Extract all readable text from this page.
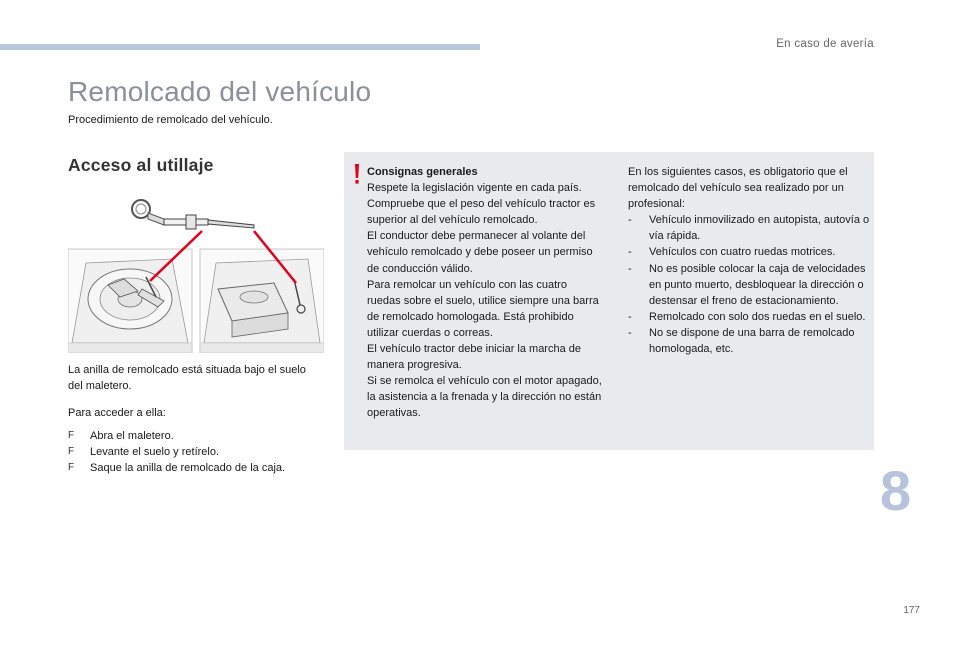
En caso de avería
Remolcado del vehículo

Procedimiento de remolcado del vehículo.

Acceso al utillaje

La anilla de remolcado está situada bajo el suelo del maletero.

Para acceder a ella:

F Abra el maletero.
F Levante el suelo y retírelo.
F Saque la anilla de remolcado de la caja.
Consignas generales
Respete la legislación vigente en cada país.
Compruebe que el peso del vehículo tractor es superior al del vehículo remolcado.
El conductor debe permanecer al volante del vehículo remolcado y debe poseer un permiso de conducción válido.
Para remolcar un vehículo con las cuatro ruedas sobre el suelo, utilice siempre una barra de remolcado homologada. Está prohibido utilizar cuerdas o correas.
El vehículo tractor debe iniciar la marcha de manera progresiva.
Si se remolca el vehículo con el motor apagado, la asistencia a la frenada y la dirección no están operativas.
En los siguientes casos, es obligatorio que el remolcado del vehículo sea realizado por un profesional:
- Vehículo inmovilizado en autopista, autovía o vía rápida.
- Vehículos con cuatro ruedas motrices.
- No es posible colocar la caja de velocidades en punto muerto, desbloquear la dirección o destensar el freno de estacionamiento.
- Remolcado con solo dos ruedas en el suelo.
- No se dispone de una barra de remolcado homologada, etc.
8
177
